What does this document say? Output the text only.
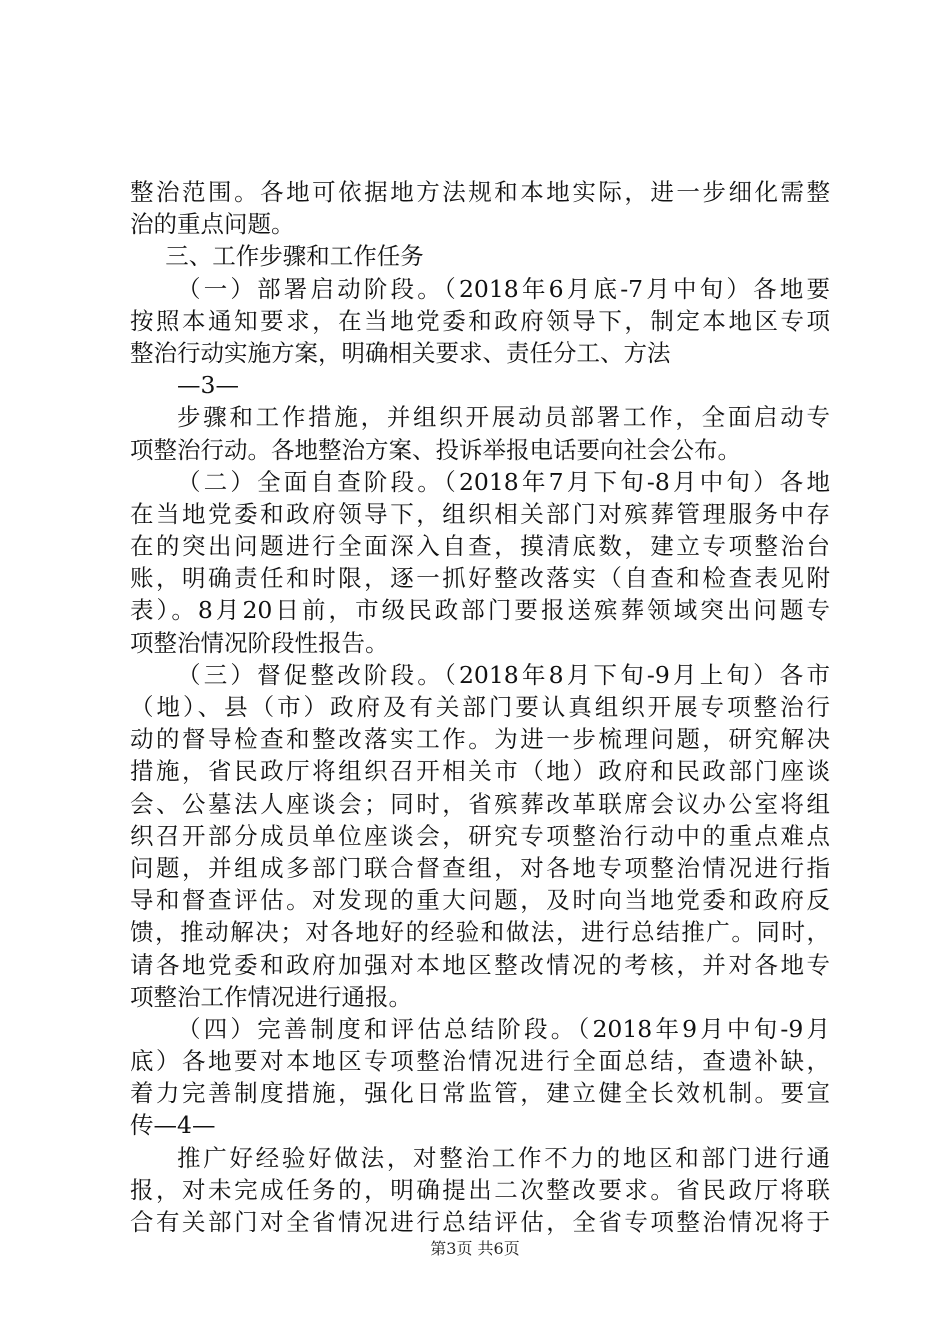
整治范围。各地可依据地方法规和本地实际，进一步细化需整
治的重点问题。
三、工作步骤和工作任务
（一）部署启动阶段。（2018年6月底-7月中旬）各地要
按照本通知要求，在当地党委和政府领导下，制定本地区专项
整治行动实施方案，明确相关要求、责任分工、方法
—3—
步骤和工作措施，并组织开展动员部署工作，全面启动专
项整治行动。各地整治方案、投诉举报电话要向社会公布。
（二）全面自查阶段。（2018年7月下旬-8月中旬）各地
在当地党委和政府领导下，组织相关部门对殡葬管理服务中存
在的突出问题进行全面深入自查，摸清底数，建立专项整治台
账，明确责任和时限，逐一抓好整改落实（自查和检查表见附
表）。8月20日前，市级民政部门要报送殡葬领域突出问题专
项整治情况阶段性报告。
（三）督促整改阶段。（2018年8月下旬-9月上旬）各市
（地）、县（市）政府及有关部门要认真组织开展专项整治行
动的督导检查和整改落实工作。为进一步梳理问题，研究解决
措施，省民政厅将组织召开相关市（地）政府和民政部门座谈
会、公墓法人座谈会；同时，省殡葬改革联席会议办公室将组
织召开部分成员单位座谈会，研究专项整治行动中的重点难点
问题，并组成多部门联合督查组，对各地专项整治情况进行指
导和督查评估。对发现的重大问题，及时向当地党委和政府反
馈，推动解决；对各地好的经验和做法，进行总结推广。同时，
请各地党委和政府加强对本地区整改情况的考核，并对各地专
项整治工作情况进行通报。
（四）完善制度和评估总结阶段。（2018年9月中旬-9月
底）各地要对本地区专项整治情况进行全面总结，查遗补缺，
着力完善制度措施，强化日常监管，建立健全长效机制。要宣
传—4—
推广好经验好做法，对整治工作不力的地区和部门进行通
报，对未完成任务的，明确提出二次整改要求。省民政厅将联
合有关部门对全省情况进行总结评估，全省专项整治情况将于
第3页 共6页
